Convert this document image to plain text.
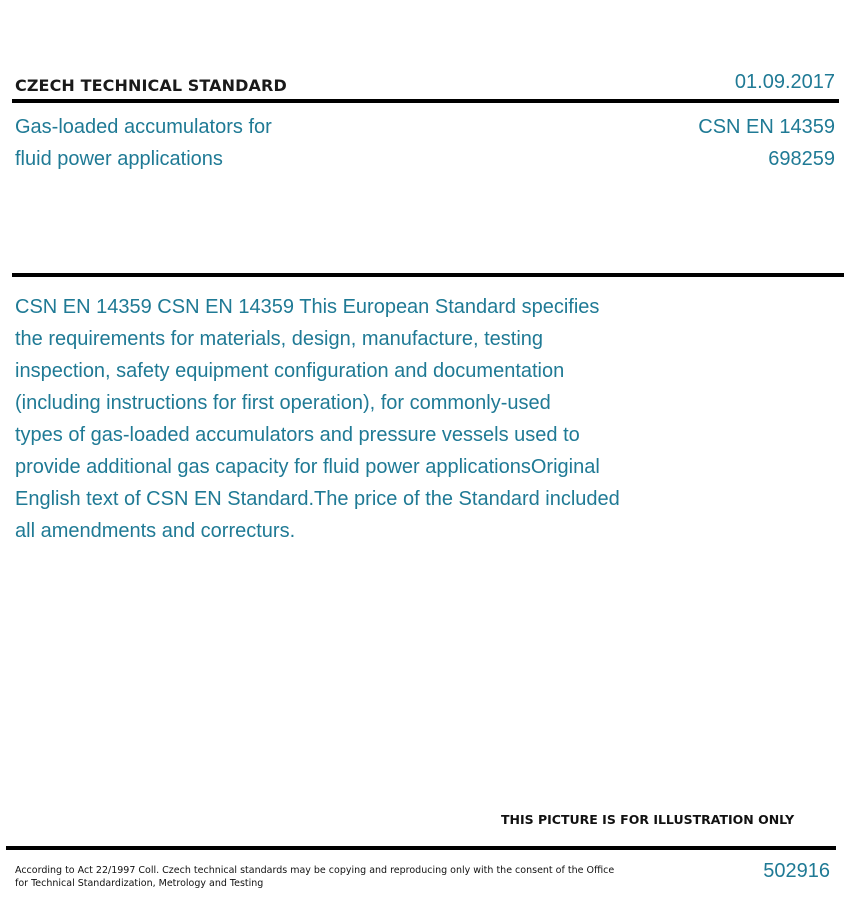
CZECH TECHNICAL STANDARD	01.09.2017
Gas-loaded accumulators for
fluid power applications
CSN EN 14359
698259
CSN EN 14359 CSN EN 14359 This European Standard specifies
the requirements for materials, design, manufacture, testing
inspection, safety equipment configuration and documentation
(including instructions for first operation), for commonly-used
types of gas-loaded accumulators and pressure vessels used to
provide additional gas capacity for fluid power applicationsOriginal
English text of CSN EN Standard.The price of the Standard included
all amendments and correcturs.
THIS PICTURE IS FOR ILLUSTRATION ONLY
According to Act 22/1997 Coll. Czech technical standards may be copying and reproducing only with the consent of the Office
for Technical Standardization, Metrology and Testing
502916
